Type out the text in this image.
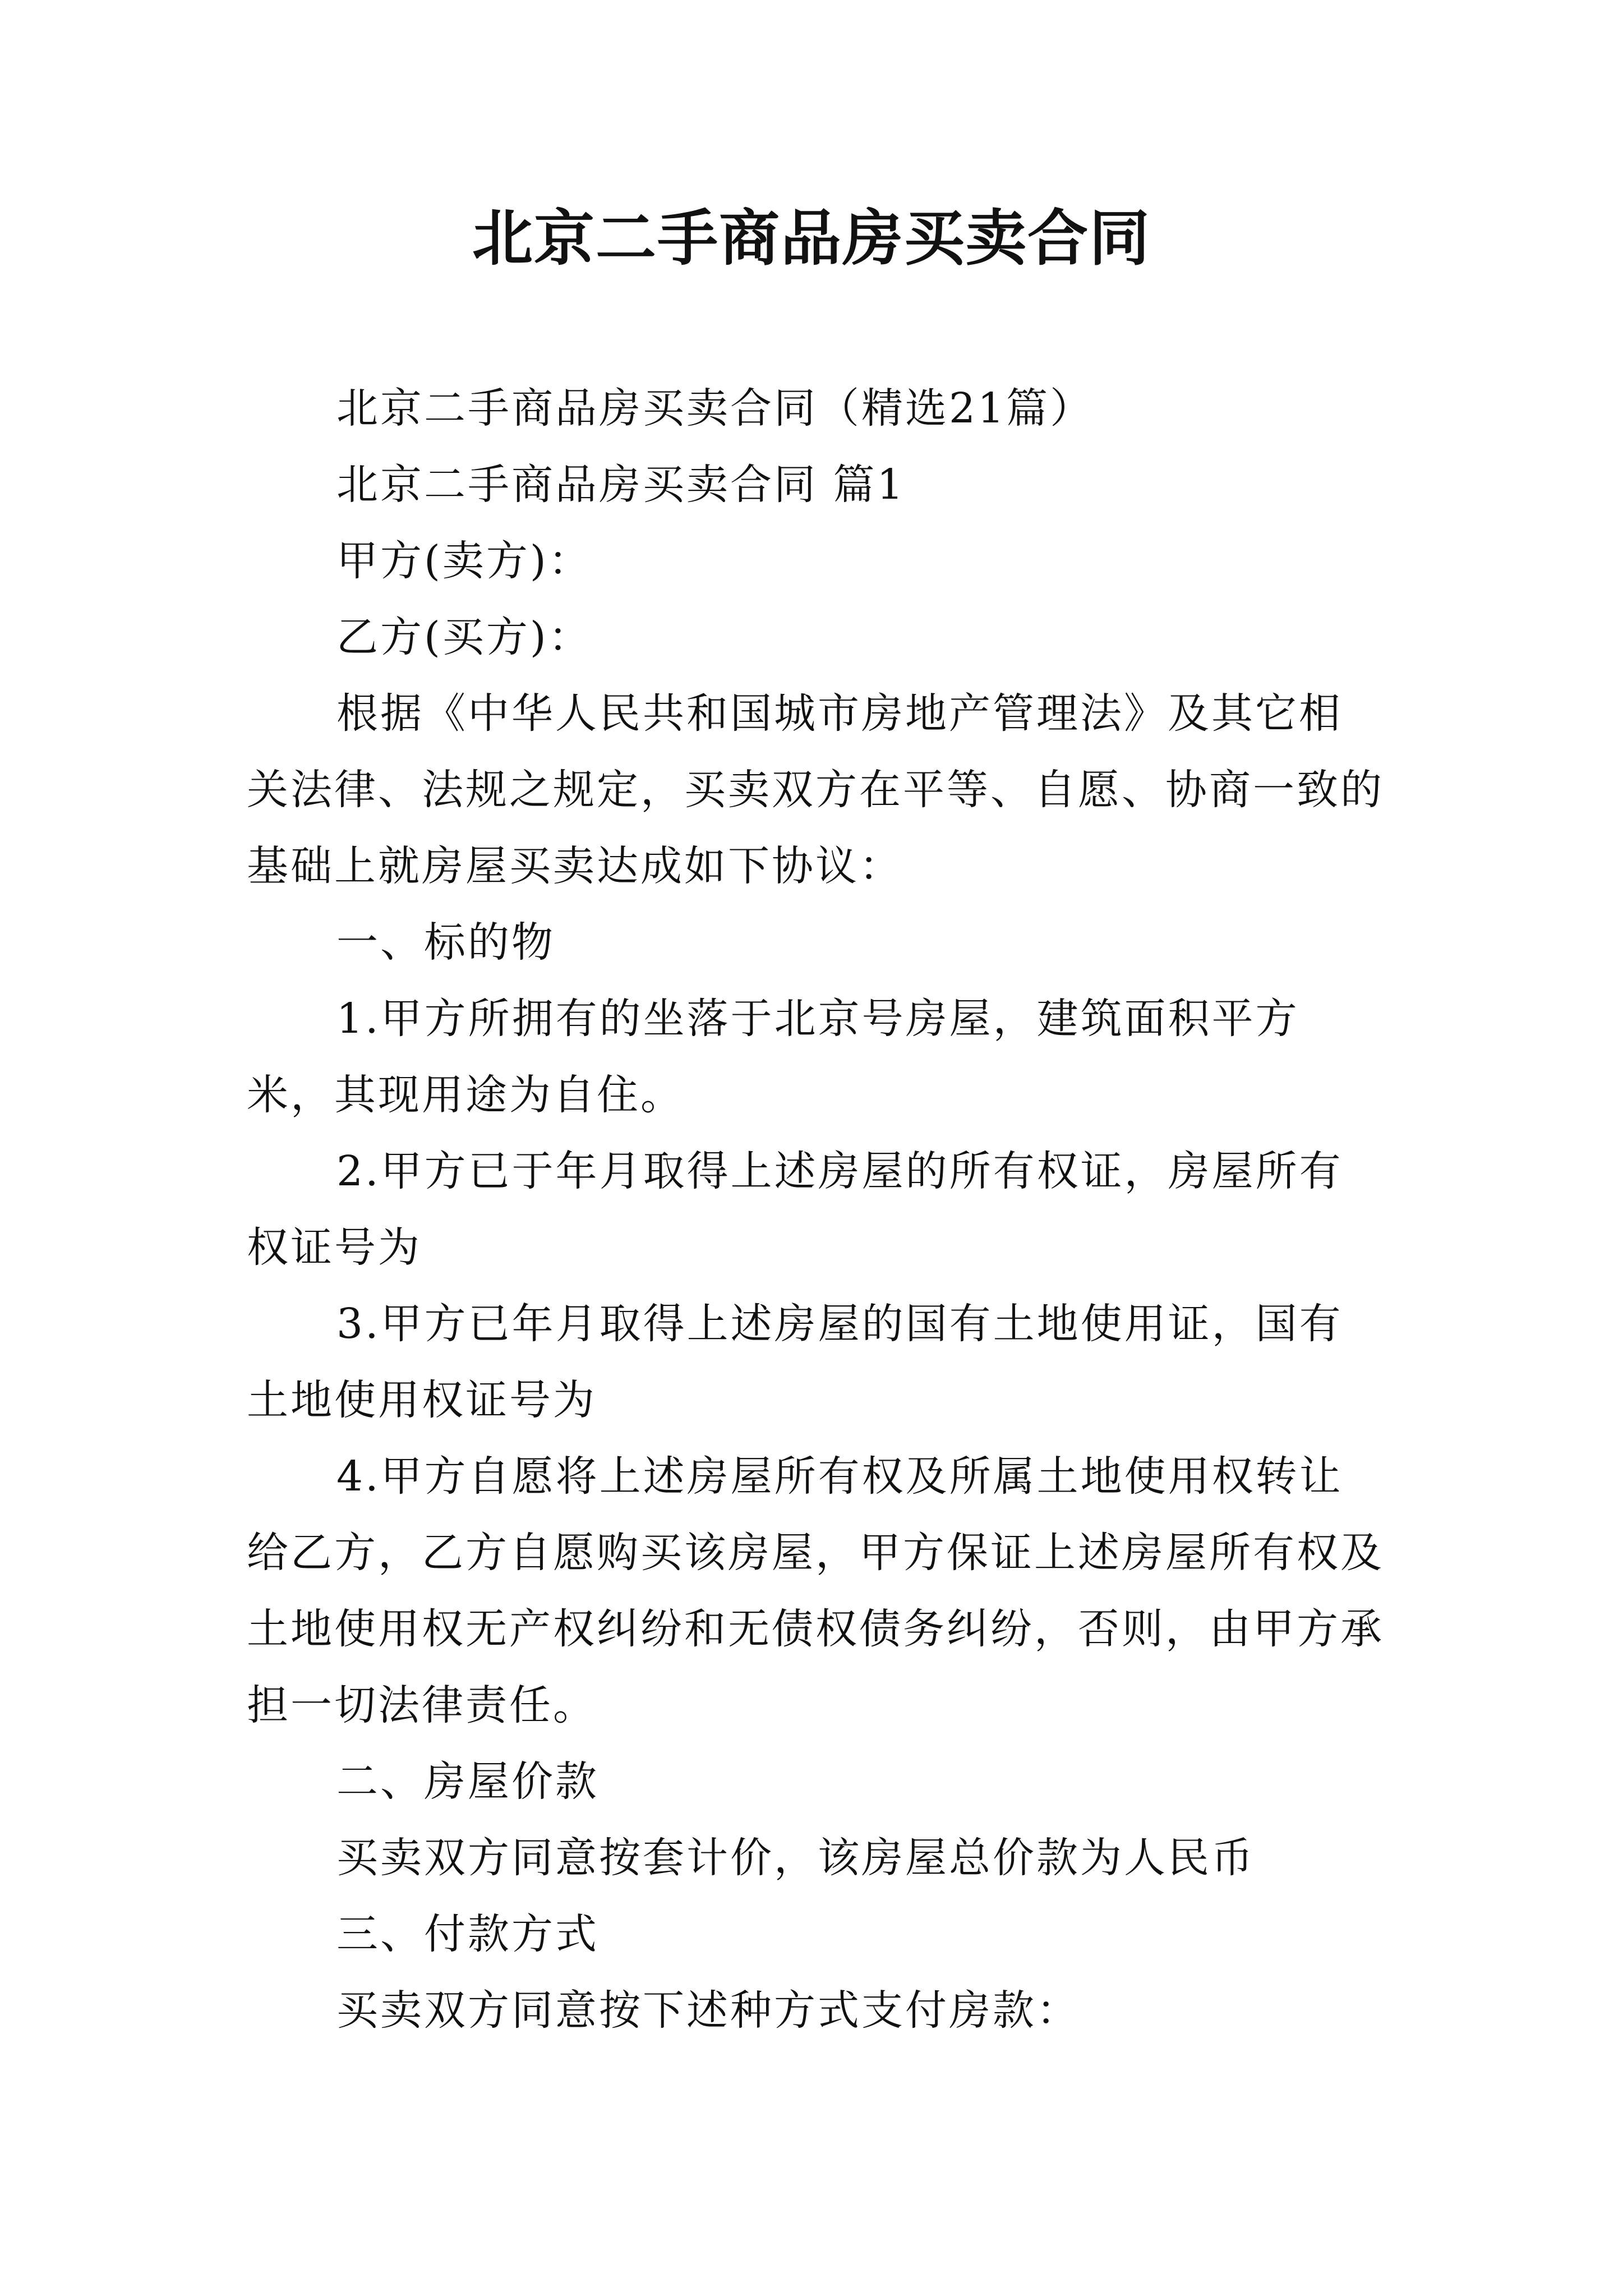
北京二手商品房买卖合同

北京二手商品房买卖合同（精选21篇）

北京二手商品房买卖合同 篇1

甲方(卖方)：

乙方(买方)：

根据《中华人民共和国城市房地产管理法》及其它相关法律、法规之规定，买卖双方在平等、自愿、协商一致的基础上就房屋买卖达成如下协议：

一、标的物

1.甲方所拥有的坐落于北京号房屋，建筑面积平方米，其现用途为自住。

2.甲方已于年月取得上述房屋的所有权证，房屋所有权证号为

3.甲方已年月取得上述房屋的国有土地使用证，国有土地使用权证号为

4.甲方自愿将上述房屋所有权及所属土地使用权转让给乙方，乙方自愿购买该房屋，甲方保证上述房屋所有权及土地使用权无产权纠纷和无债权债务纠纷，否则，由甲方承担一切法律责任。

二、房屋价款

买卖双方同意按套计价，该房屋总价款为人民币

三、付款方式

买卖双方同意按下述种方式支付房款：
